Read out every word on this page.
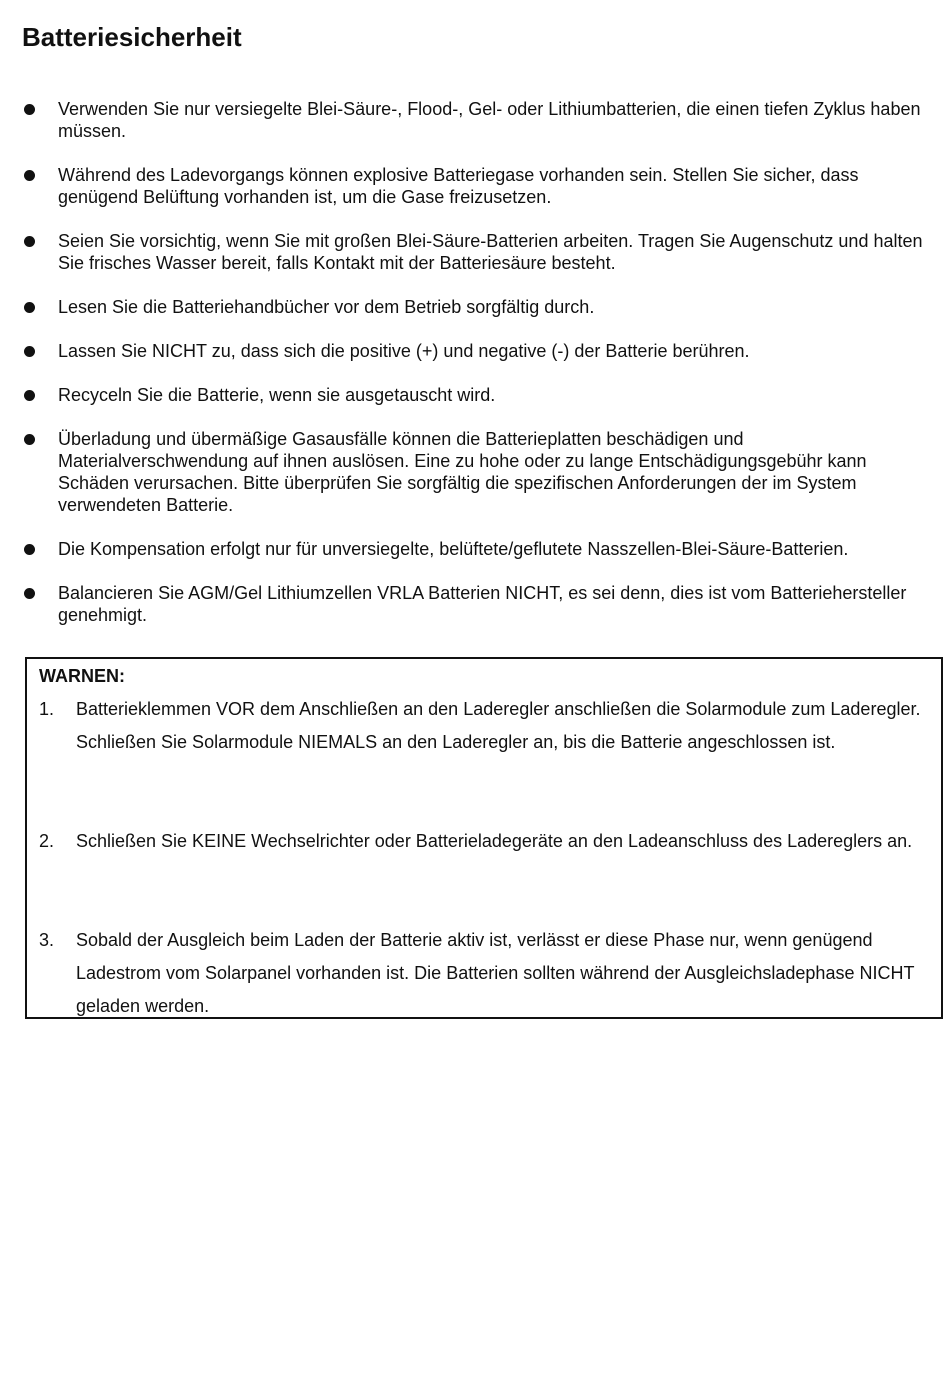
Batteriesicherheit
Verwenden Sie nur versiegelte Blei-Säure-, Flood-, Gel- oder Lithiumbatterien, die einen tiefen Zyklus haben müssen.
Während des Ladevorgangs können explosive Batteriegase vorhanden sein. Stellen Sie sicher, dass genügend Belüftung vorhanden ist, um die Gase freizusetzen.
Seien Sie vorsichtig, wenn Sie mit großen Blei-Säure-Batterien arbeiten. Tragen Sie Augenschutz und halten Sie frisches Wasser bereit, falls Kontakt mit der Batteriesäure besteht.
Lesen Sie die Batteriehandbücher vor dem Betrieb sorgfältig durch.
Lassen Sie NICHT zu, dass sich die positive (+) und negative (-) der Batterie berühren.
Recyceln Sie die Batterie, wenn sie ausgetauscht wird.
Überladung und übermäßige Gasausfälle können die Batterieplatten beschädigen und Materialverschwendung auf ihnen auslösen. Eine zu hohe oder zu lange Entschädigungsgebühr kann Schäden verursachen. Bitte überprüfen Sie sorgfältig die spezifischen Anforderungen der im System verwendeten Batterie.
Die Kompensation erfolgt nur für unversiegelte, belüftete/geflutete Nasszellen-Blei-Säure-Batterien.
Balancieren Sie AGM/Gel Lithiumzellen VRLA Batterien NICHT, es sei denn, dies ist vom Batteriehersteller genehmigt.
WARNEN:
1. Batterieklemmen VOR dem Anschließen an den Laderegler anschließen die Solarmodule zum Laderegler. Schließen Sie Solarmodule NIEMALS an den Laderegler an, bis die Batterie angeschlossen ist.
2. Schließen Sie KEINE Wechselrichter oder Batterieladegeräte an den Ladeanschluss des Ladereglers an.
3. Sobald der Ausgleich beim Laden der Batterie aktiv ist, verlässt er diese Phase nur, wenn genügend Ladestrom vom Solarpanel vorhanden ist. Die Batterien sollten während der Ausgleichsladephase NICHT geladen werden.
